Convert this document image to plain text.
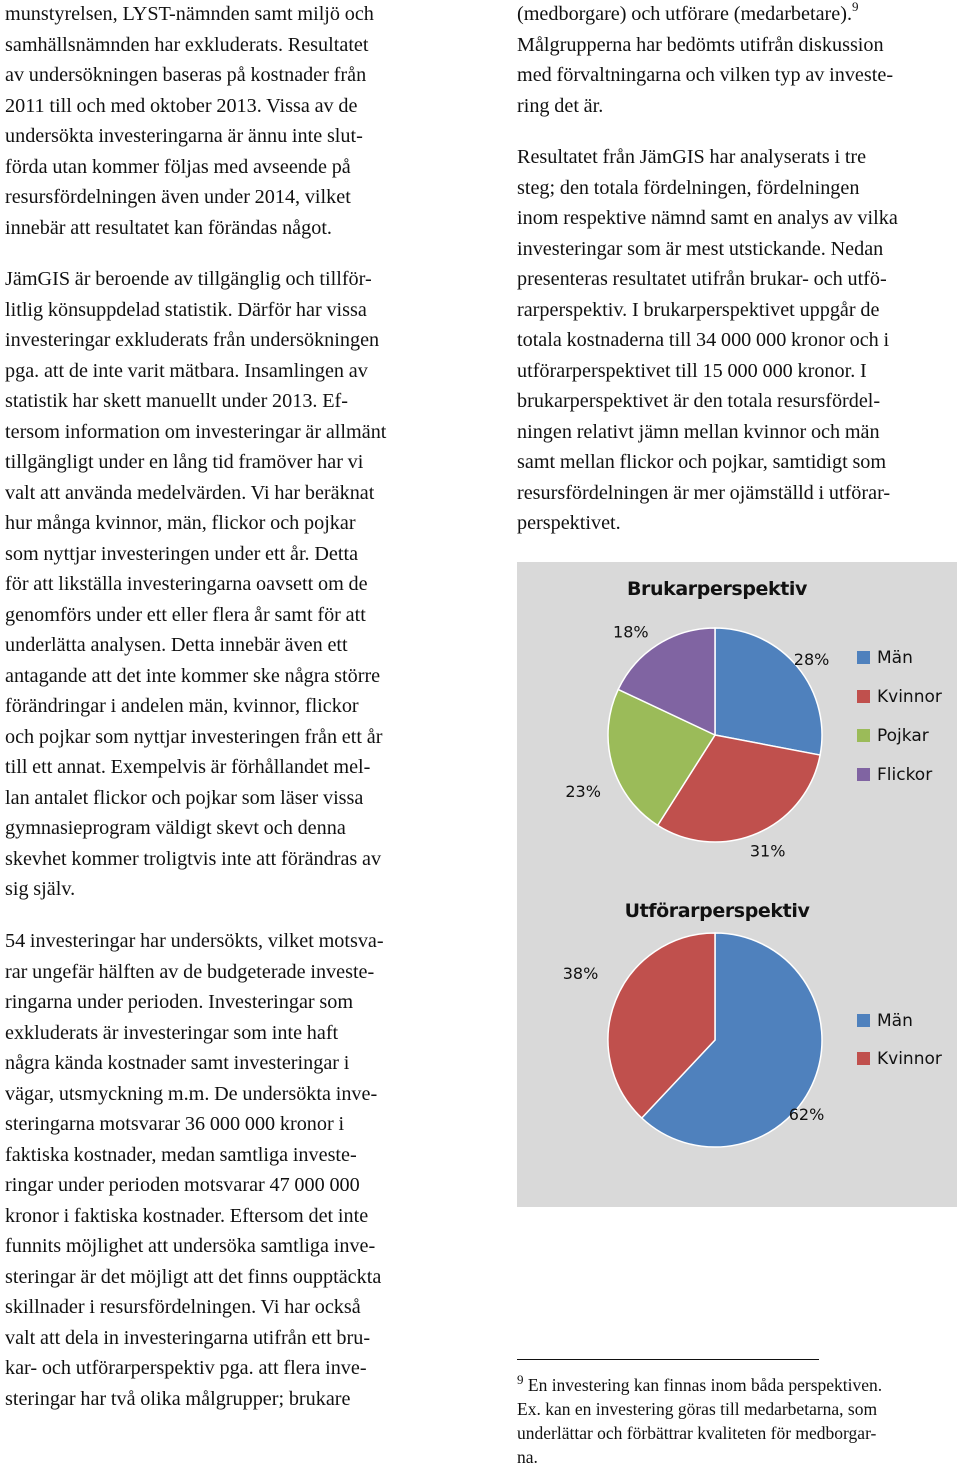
munstyrelsen, LYST-nämnden samt miljö och
samhällsnämnden har exkluderats. Resultatet
av undersökningen baseras på kostnader från
2011 till och med oktober 2013. Vissa av de
undersökta investeringarna är ännu inte slut-
förda utan kommer följas med avseende på
resursfördelningen även under 2014, vilket
innebär att resultatet kan förändas något.

JämGIS är beroende av tillgänglig och tillför-
litlig könsuppdelad statistik. Därför har vissa
investeringar exkluderats från undersökningen
pga. att de inte varit mätbara. Insamlingen av
statistik har skett manuellt under 2013. Ef-
tersom information om investeringar är allmänt
tillgängligt under en lång tid framöver har vi
valt att använda medelvärden. Vi har beräknat
hur många kvinnor, män, flickor och pojkar
som nyttjar investeringen under ett år. Detta
för att likställa investeringarna oavsett om de
genomförs under ett eller flera år samt för att
underlätta analysen. Detta innebär även ett
antagande att det inte kommer ske några större
förändringar i andelen män, kvinnor, flickor
och pojkar som nyttjar investeringen från ett år
till ett annat. Exempelvis är förhållandet mel-
lan antalet flickor och pojkar som läser vissa
gymnasieprogram väldigt skevt och denna
skevhet kommer troligtvis inte att förändras av
sig själv.

54 investeringar har undersökts, vilket motsva-
rar ungefär hälften av de budgeterade investe-
ringarna under perioden. Investeringar som
exkluderats är investeringar som inte haft
några kända kostnader samt investeringar i
vägar, utsmyckning m.m. De undersökta inve-
steringarna motsvarar 36 000 000 kronor i
faktiska kostnader, medan samtliga investe-
ringar under perioden motsvarar 47 000 000
kronor i faktiska kostnader. Eftersom det inte
funnits möjlighet att undersöka samtliga inve-
steringar är det möjligt att det finns oupptäckta
skillnader i resursfördelningen. Vi har också
valt att dela in investeringarna utifrån ett bru-
kar- och utförarperspektiv pga. att flera inve-
steringar har två olika målgrupper; brukare

(medborgare) och utförare (medarbetare).$^9$
Målgrupperna har bedömts utifrån diskussion
med förvaltningarna och vilken typ av investe-
ring det är.

Resultatet från JämGIS har analyserats i tre
steg; den totala fördelningen, fördelningen
inom respektive nämnd samt en analys av vilka
investeringar som är mest utstickande. Nedan
presenteras resultatet utifrån brukar- och utfö-
rarperspektiv. I brukarperspektivet uppgår de
totala kostnaderna till 34 000 000 kronor och i
utförarperspektivet till 15 000 000 kronor. I
brukarperspektivet är den totala resursfördel-
ningen relativt jämn mellan kvinnor och män
samt mellan flickor och pojkar, samtidigt som
resursfördelningen är mer ojämställd i utförar-
perspektivet.

Brukarperspektiv
28%
31%
23%
18%
Män
Kvinnor
Pojkar
Flickor
Utförarperspektiv
62%
38%
Män
Kvinnor

$^9$ En investering kan finnas inom båda perspektiven.
Ex. kan en investering göras till medarbetarna, som
underlättar och förbättrar kvaliteten för medborgar-
na.
